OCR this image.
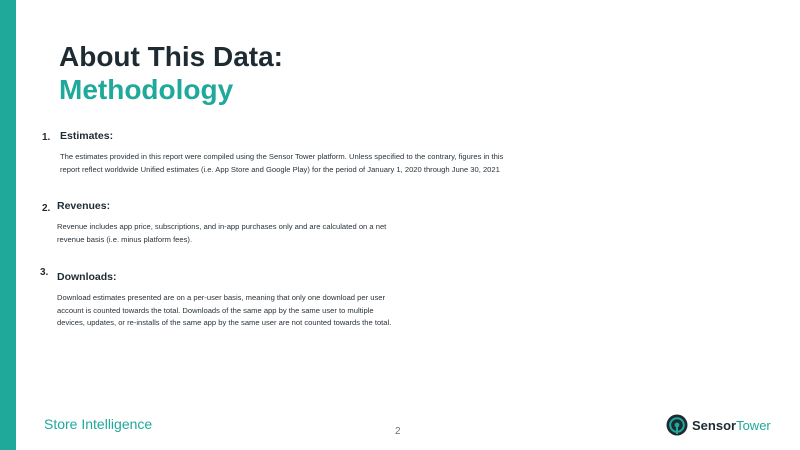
About This Data:
Methodology
1. Estimates:
The estimates provided in this report were compiled using the Sensor Tower platform. Unless specified to the contrary, figures in this
report reflect worldwide Unified estimates (i.e. App Store and Google Play) for the period of January 1, 2020 through June 30, 2021
2. Revenues:
Revenue includes app price, subscriptions, and in-app purchases only and are calculated on a net
revenue basis (i.e. minus platform fees).
3. Downloads:
Download estimates presented are on a per-user basis, meaning that only one download per user
account is counted towards the total. Downloads of the same app by the same user to multiple
devices, updates, or re-installs of the same app by the same user are not counted towards the total.
Store Intelligence	2	SensorTower
